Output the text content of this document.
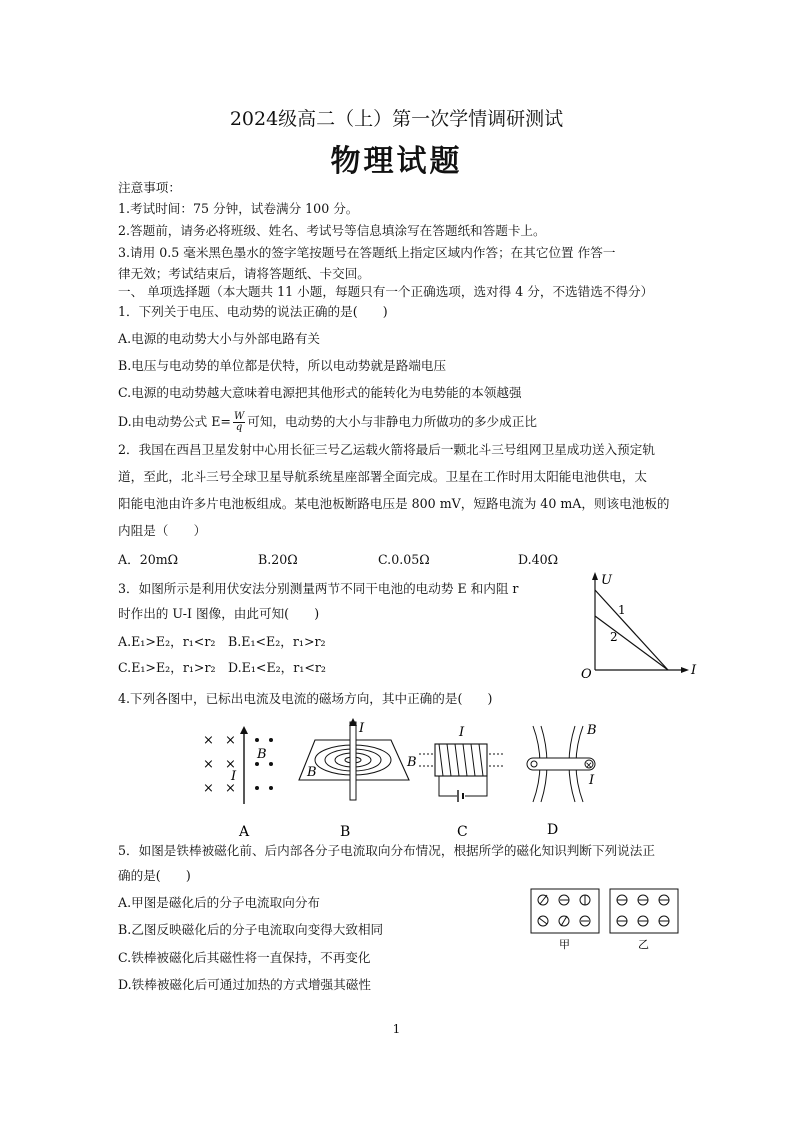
2024级高二（上）第一次学情调研测试
物理试题
注意事项：
1.考试时间：75 分钟，试卷满分 100 分。
2.答题前，请务必将班级、姓名、考试号等信息填涂写在答题纸和答题卡上。
3.请用 0.5 毫米黑色墨水的签字笔按题号在答题纸上指定区域内作答；在其它位置 作答一
律无效；考试结束后，请将答题纸、卡交回。
一、 单项选择题（本大题共 11 小题，每题只有一个正确选项，选对得 4 分，不选错选不得分）
1．下列关于电压、电动势的说法正确的是(　　)
A.电源的电动势大小与外部电路有关
B.电压与电动势的单位都是伏特，所以电动势就是路端电压
C.电源的电动势越大意味着电源把其他形式的能转化为电势能的本领越强
D.由电动势公式 $E= \frac{W}{q}$ 可知，电动势的大小与非静电力所做功的多少成正比
2．我国在西昌卫星发射中心用长征三号乙运载火箭将最后一颗北斗三号组网卫星成功送入预定轨
道，至此，北斗三号全球卫星导航系统星座部署全面完成。卫星在工作时用太阳能电池供电，太
阳能电池由许多片电池板组成。某电池板断路电压是 800 mV，短路电流为 40 mA，则该电池板的
内阻是（　　）
A．20mΩ	B.20Ω	C.0.05Ω	D.40Ω
3．如图所示是利用伏安法分别测量两节不同干电池的电动势 E 和内阻 r
时作出的 U-I 图像，由此可知(　　)
A.E₁>E₂，r₁<r₂ B.E₁<E₂，r₁>r₂
C.E₁>E₂，r₁>r₂ D.E₁<E₂，r₁<r₂
U
I
O
1
2
4.下列各图中，已标出电流及电流的磁场方向，其中正确的是(　　)
× ×
× ×
× ×
I
B
A
I
B
B
I
B
C
×
B
I
D
5．如图是铁棒被磁化前、后内部各分子电流取向分布情况，根据所学的磁化知识判断下列说法正
确的是(　　)
A.甲图是磁化后的分子电流取向分布
B.乙图反映磁化后的分子电流取向变得大致相同
C.铁棒被磁化后其磁性将一直保持，不再变化
D.铁棒被磁化后可通过加热的方式增强其磁性
甲	乙
1
